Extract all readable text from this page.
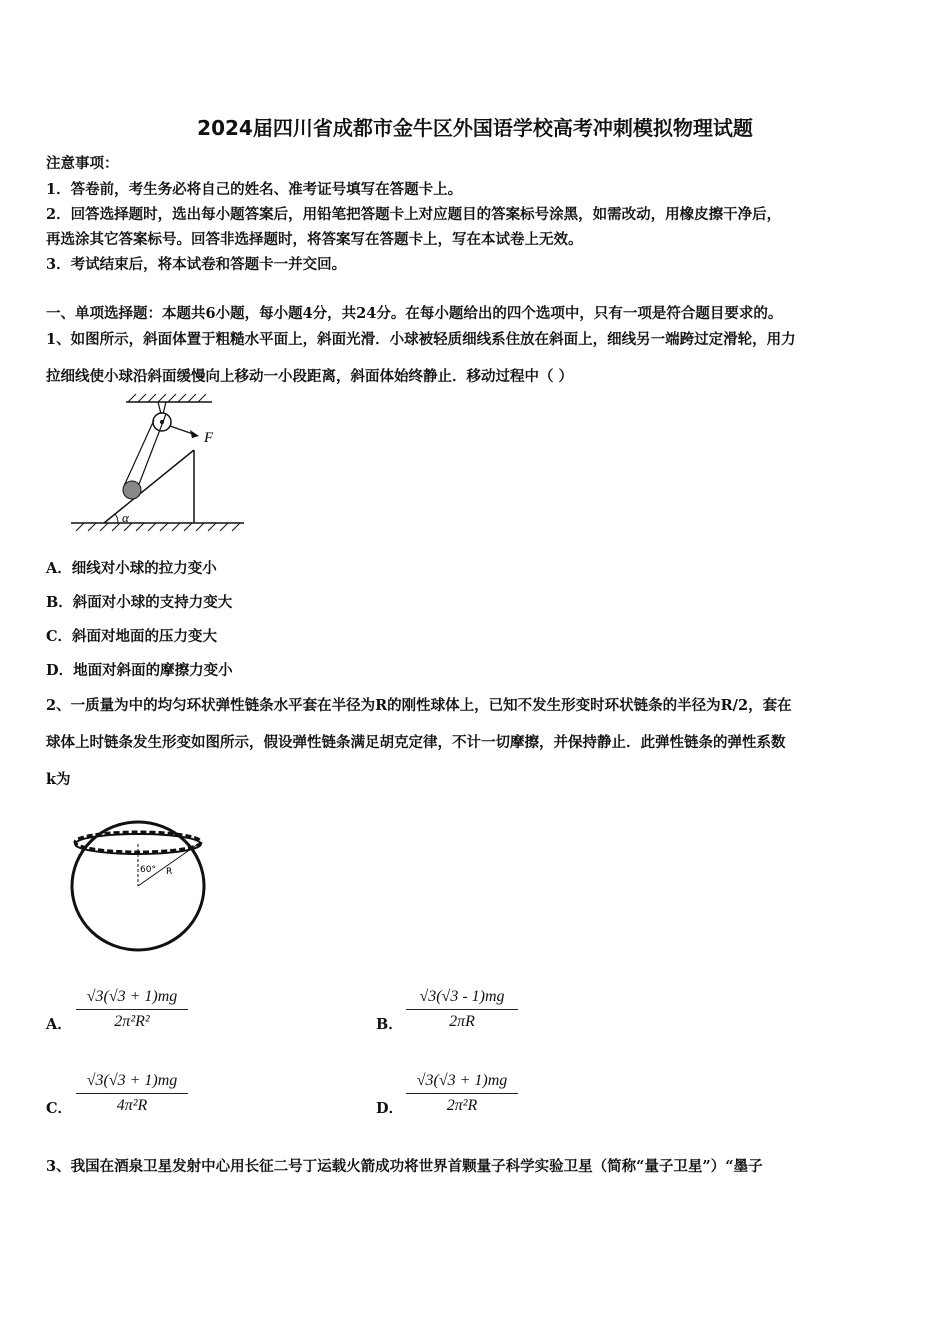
2024届四川省成都市金牛区外国语学校高考冲刺模拟物理试题
注意事项：
1．答卷前，考生务必将自己的姓名、准考证号填写在答题卡上。
2．回答选择题时，选出每小题答案后，用铅笔把答题卡上对应题目的答案标号涂黑，如需改动，用橡皮擦干净后，
再选涂其它答案标号。回答非选择题时，将答案写在答题卡上，写在本试卷上无效。
3．考试结束后，将本试卷和答题卡一并交回。
一、单项选择题：本题共6小题，每小题4分，共24分。在每小题给出的四个选项中，只有一项是符合题目要求的。
1、如图所示，斜面体置于粗糙水平面上，斜面光滑．小球被轻质细线系住放在斜面上，细线另一端跨过定滑轮，用力
拉细线使小球沿斜面缓慢向上移动一小段距离，斜面体始终静止．移动过程中（ ）
F
α
A．细线对小球的拉力变小
B．斜面对小球的支持力变大
C．斜面对地面的压力变大
D．地面对斜面的摩擦力变小
2、一质量为中的均匀环状弹性链条水平套在半径为R的刚性球体上，已知不发生形变时环状链条的半径为R/2，套在
球体上时链条发生形变如图所示，假设弹性链条满足胡克定律，不计一切摩擦，并保持静止．此弹性链条的弹性系数
k为
60° R
A． $\frac{√3(√3 + 1)mg}{\text{2π²R²}}$	B． $\frac{√3(√3 - 1)mg}{2\pi R}$
C． $\frac{√3(√3 + 1)mg}{\text{4π²R}}$	D． $\frac{√3(√3 + 1)mg}{\text{2π²R}}$
3、我国在酒泉卫星发射中心用长征二号丁运载火箭成功将世界首颗量子科学实验卫星（简称“量子卫星”）“墨子
